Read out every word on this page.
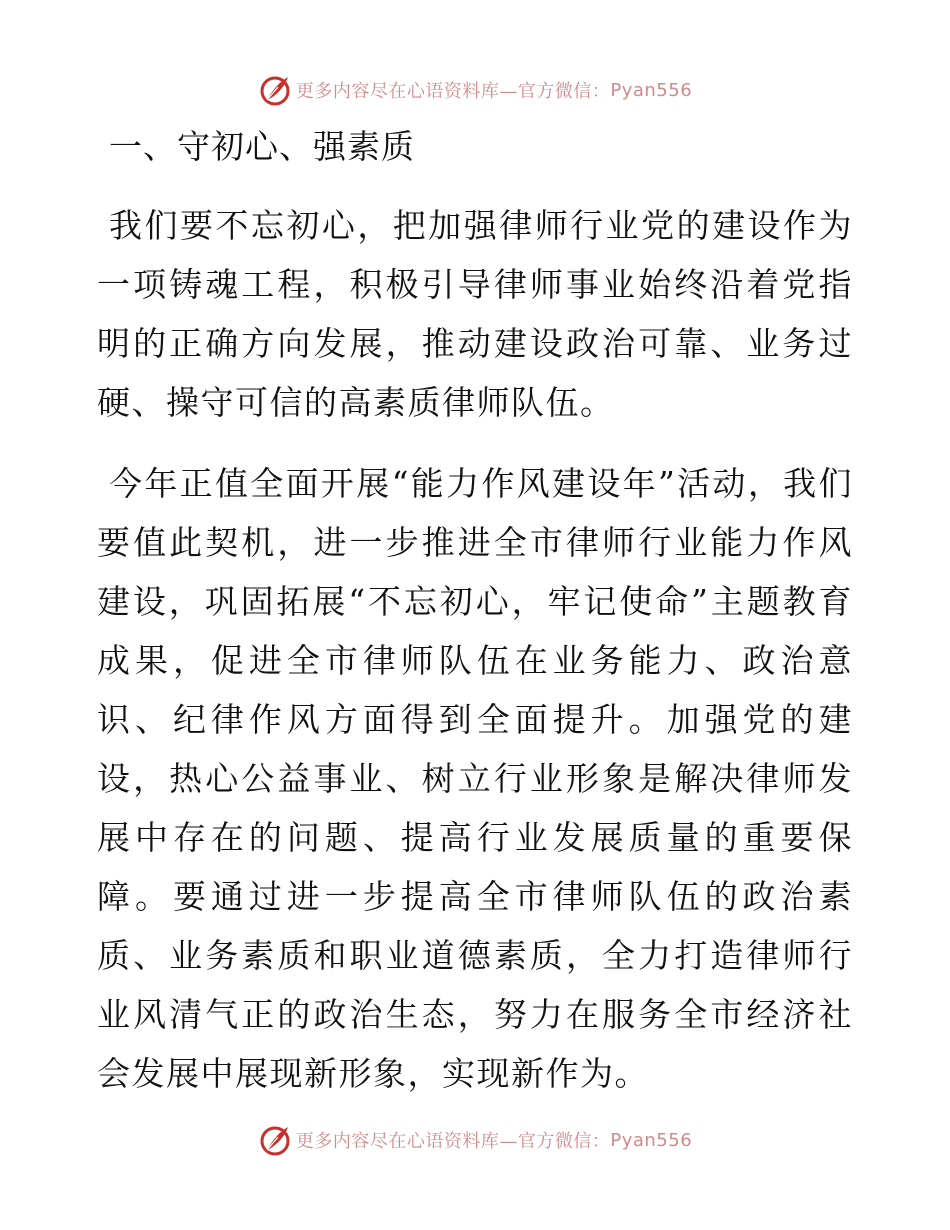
更多内容尽在心语资料库—官方微信： Pyan556
一、守初心、强素质

我们要不忘初心，把加强律师行业党的建设作为一项铸魂工程，积极引导律师事业始终沿着党指明的正确方向发展，推动建设政治可靠、业务过硬、操守可信的高素质律师队伍。

今年正值全面开展“能力作风建设年”活动，我们要值此契机，进一步推进全市律师行业能力作风建设，巩固拓展“不忘初心，牢记使命”主题教育成果，促进全市律师队伍在业务能力、政治意识、纪律作风方面得到全面提升。加强党的建设，热心公益事业、树立行业形象是解决律师发展中存在的问题、提高行业发展质量的重要保障。要通过进一步提高全市律师队伍的政治素质、业务素质和职业道德素质，全力打造律师行业风清气正的政治生态，努力在服务全市经济社会发展中展现新形象，实现新作为。

更多内容尽在心语资料库—官方微信： Pyan556
